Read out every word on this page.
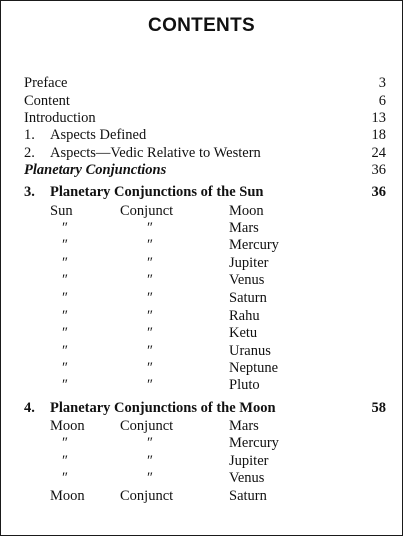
CONTENTS
Preface	3
Content	6
Introduction	13
1.	Aspects Defined	18
2.	Aspects—Vedic Relative to Western	24
Planetary Conjunctions	36
3.	Planetary Conjunctions of the Sun	36
Sun	Conjunct	Moon
″	″	Mars
″	″	Mercury
″	″	Jupiter
″	″	Venus
″	″	Saturn
″	″	Rahu
″	″	Ketu
″	″	Uranus
″	″	Neptune
″	″	Pluto
4.	Planetary Conjunctions of the Moon	58
Moon	Conjunct	Mars
″	″	Mercury
″	″	Jupiter
″	″	Venus
Moon	Conjunct	Saturn
